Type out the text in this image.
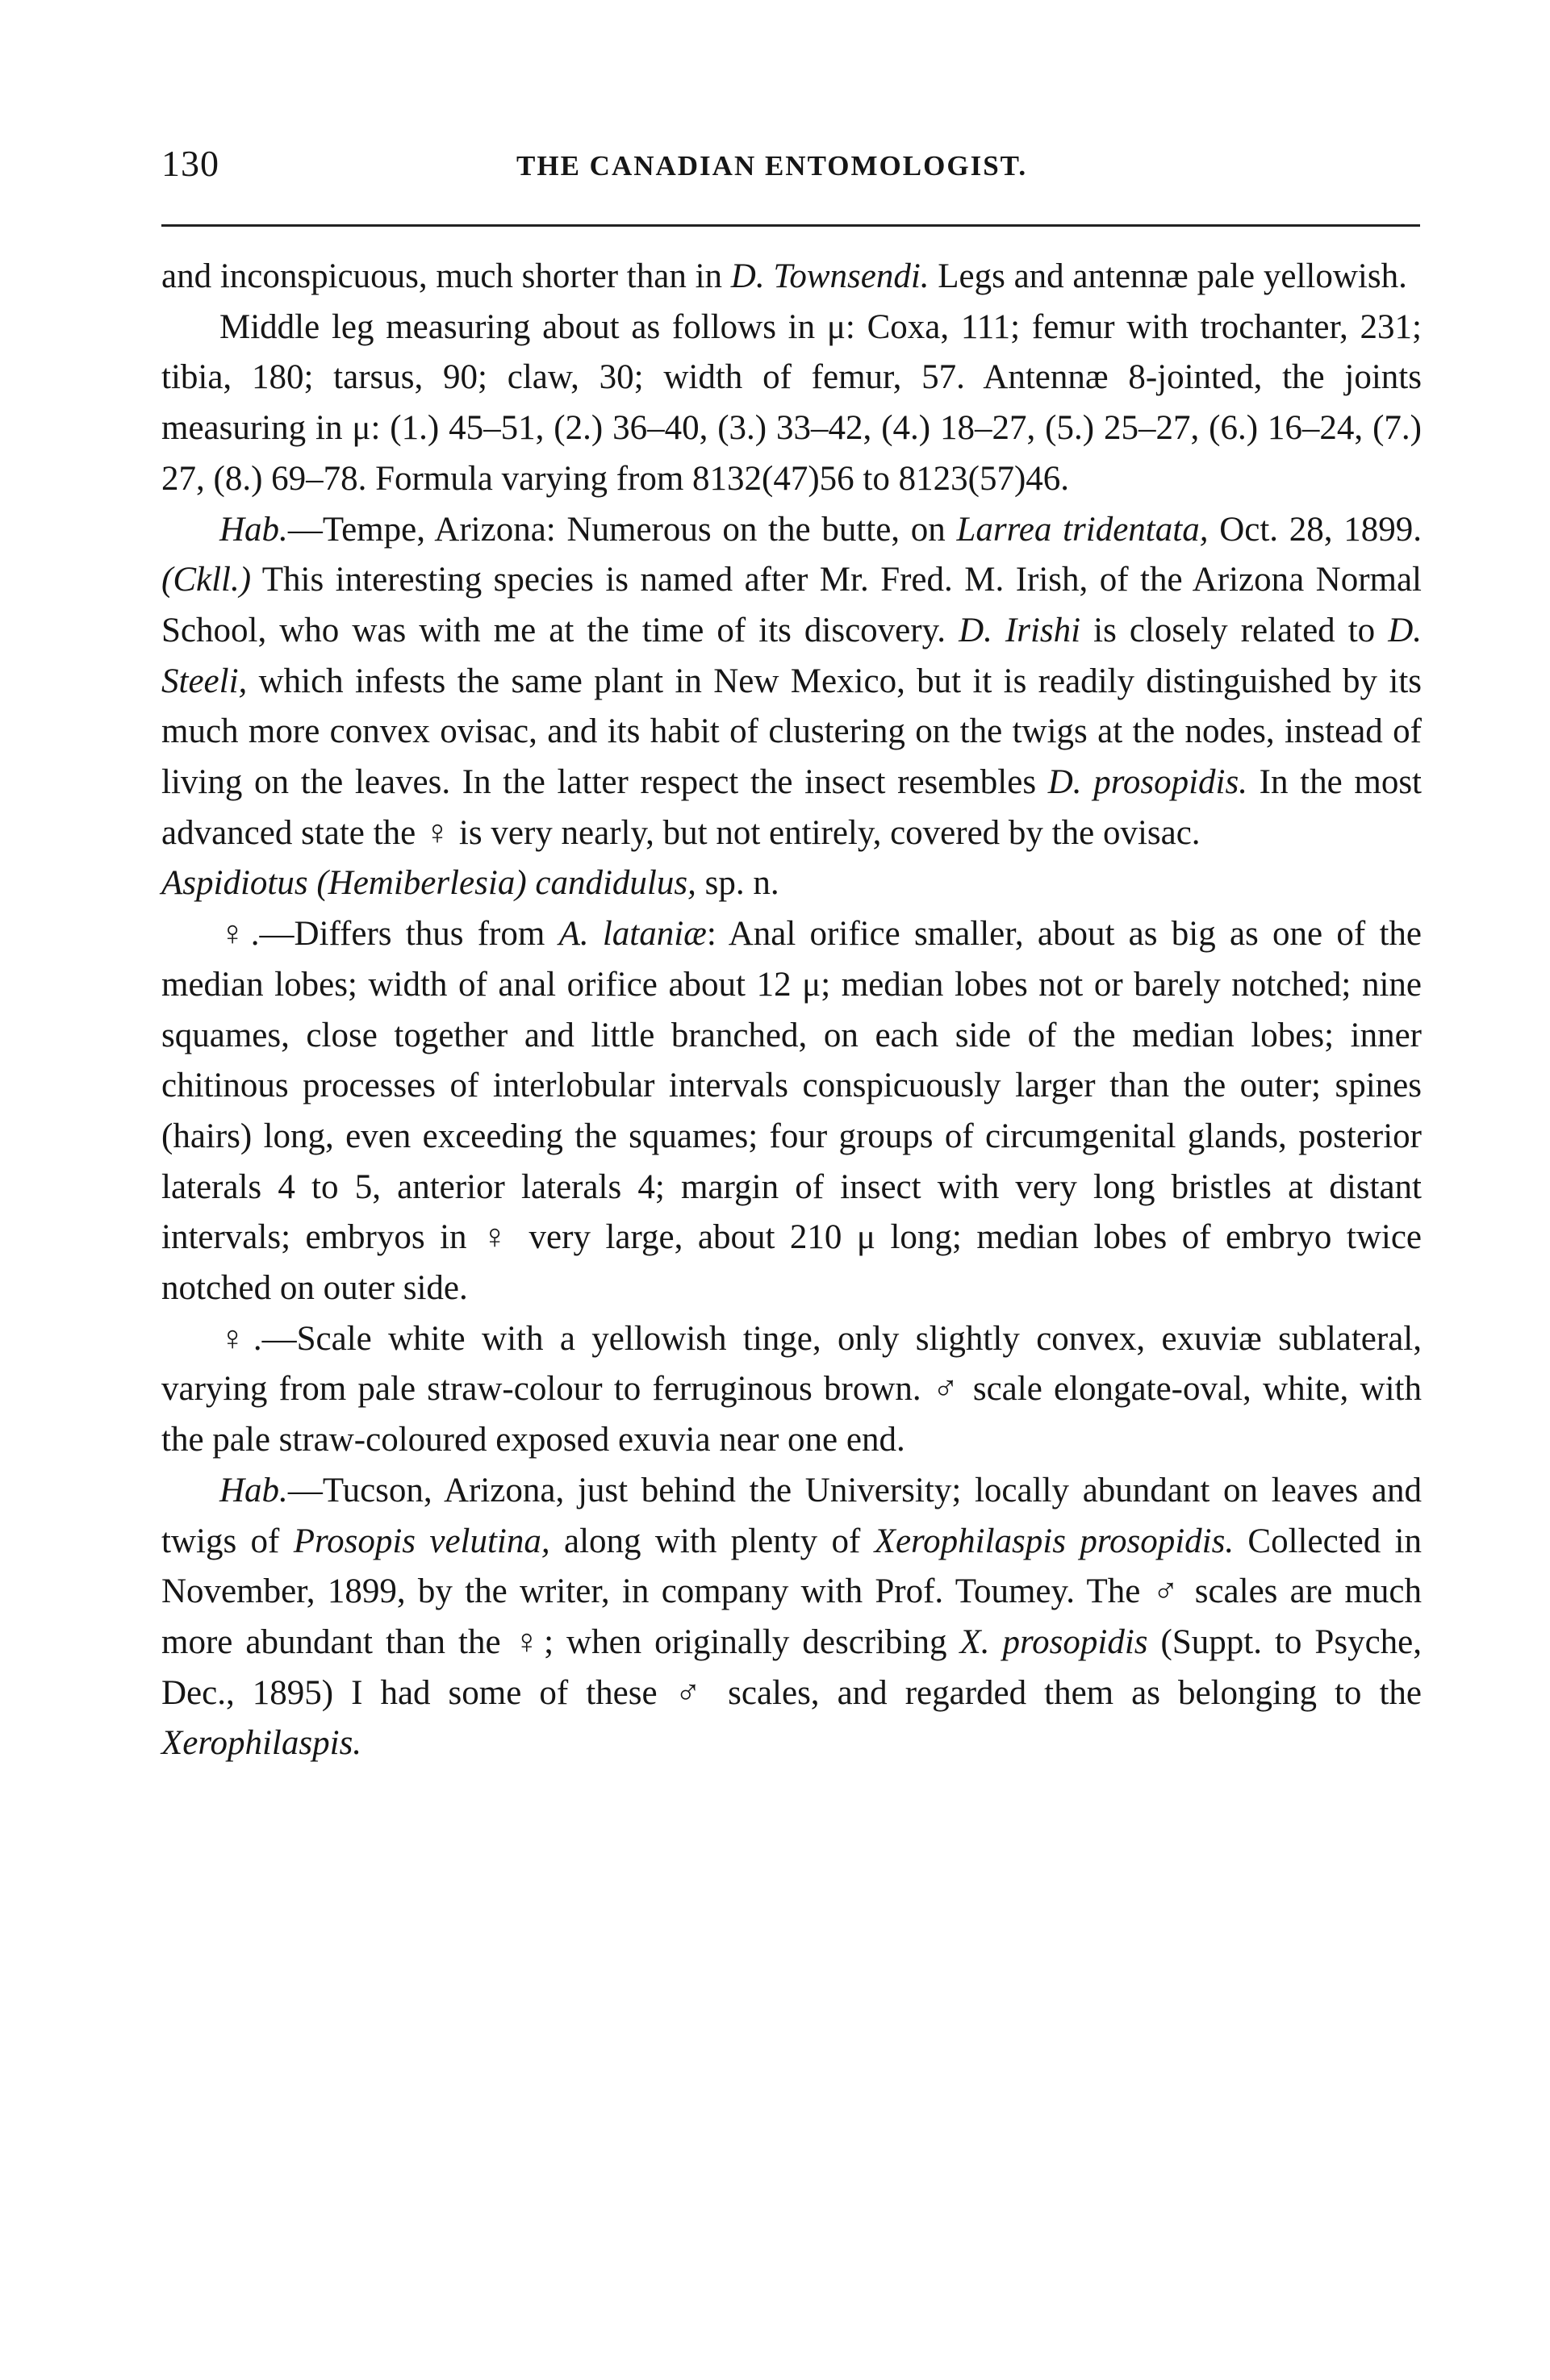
130	THE CANADIAN ENTOMOLOGIST.

and inconspicuous, much shorter than in D. Townsendi. Legs and antennæ pale yellowish.

Middle leg measuring about as follows in μ: Coxa, 111; femur with trochanter, 231; tibia, 180; tarsus, 90; claw, 30; width of femur, 57. Antennæ 8-jointed, the joints measuring in μ: (1.) 45–51, (2.) 36–40, (3.) 33–42, (4.) 18–27, (5.) 25–27, (6.) 16–24, (7.) 27, (8.) 69–78. Formula varying from 8132(47)56 to 8123(57)46.

Hab.—Tempe, Arizona: Numerous on the butte, on Larrea tridentata, Oct. 28, 1899. (Ckll.) This interesting species is named after Mr. Fred. M. Irish, of the Arizona Normal School, who was with me at the time of its discovery. D. Irishi is closely related to D. Steeli, which infests the same plant in New Mexico, but it is readily distinguished by its much more convex ovisac, and its habit of clustering on the twigs at the nodes, instead of living on the leaves. In the latter respect the insect resembles D. prosopidis. In the most advanced state the ♀ is very nearly, but not entirely, covered by the ovisac.

Aspidiotus (Hemiberlesia) candidulus, sp. n.

♀.—Differs thus from A. lataniæ: Anal orifice smaller, about as big as one of the median lobes; width of anal orifice about 12 μ; median lobes not or barely notched; nine squames, close together and little branched, on each side of the median lobes; inner chitinous processes of interlobular intervals conspicuously larger than the outer; spines (hairs) long, even exceeding the squames; four groups of circumgenital glands, posterior laterals 4 to 5, anterior laterals 4; margin of insect with very long bristles at distant intervals; embryos in ♀ very large, about 210 μ long; median lobes of embryo twice notched on outer side.

♀.—Scale white with a yellowish tinge, only slightly convex, exuviæ sublateral, varying from pale straw-colour to ferruginous brown. ♂ scale elongate-oval, white, with the pale straw-coloured exposed exuvia near one end.

Hab.—Tucson, Arizona, just behind the University; locally abundant on leaves and twigs of Prosopis velutina, along with plenty of Xerophilaspis prosopidis. Collected in November, 1899, by the writer, in company with Prof. Toumey. The ♂ scales are much more abundant than the ♀; when originally describing X. prosopidis (Suppt. to Psyche, Dec., 1895) I had some of these ♂ scales, and regarded them as belonging to the Xerophilaspis.
